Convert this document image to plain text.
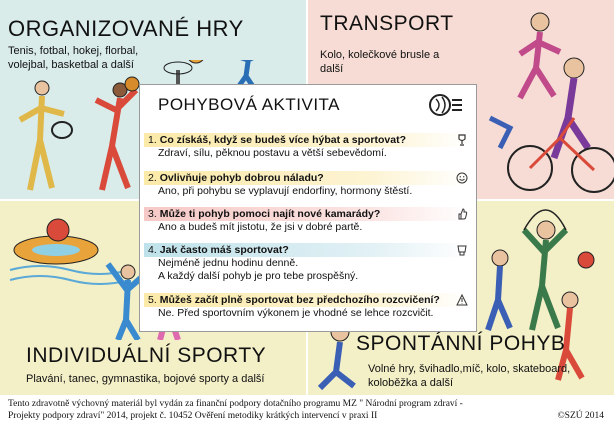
ORGANIZOVANÉ HRY
Tenis, fotbal, hokej, florbal, volejbal, basketbal a další
TRANSPORT
Kolo, kolečkové brusle a další
INDIVIDUÁLNÍ SPORTY
Plavání, tanec, gymnastika, bojové sporty a další
SPONTÁNNÍ POHYB
Volné hry, švihadlo,míč, kolo, skateboard, koloběžka a další
POHYBOVÁ AKTIVITA
1. Co získáš, když se budeš více hýbat a sportovat?
Zdraví, sílu, pěknou postavu a větší sebevědomí.
2. Ovlivňuje pohyb dobrou náladu?
Ano, při pohybu se vyplavují endorfiny, hormony štěstí.
3. Může ti pohyb pomoci najít nové kamarády?
Ano a budeš mít jistotu, že jsi v dobré partě.
4. Jak často máš sportovat?
Nejméně jednu hodinu denně.
A každý další pohyb je pro tebe prospěšný.
5. Můžeš začít plně sportovat bez předchozího rozcvičení?
Ne. Před sportovním výkonem je vhodné se lehce rozcvičit.
Tento zdravotně výchovný materiál byl vydán za finanční podpory dotačního programu MZ " Národní program zdraví -
Projekty podpory zdraví" 2014, projekt č. 10452 Ověření metodiky krátkých intervencí v praxi II	©SZÚ 2014
